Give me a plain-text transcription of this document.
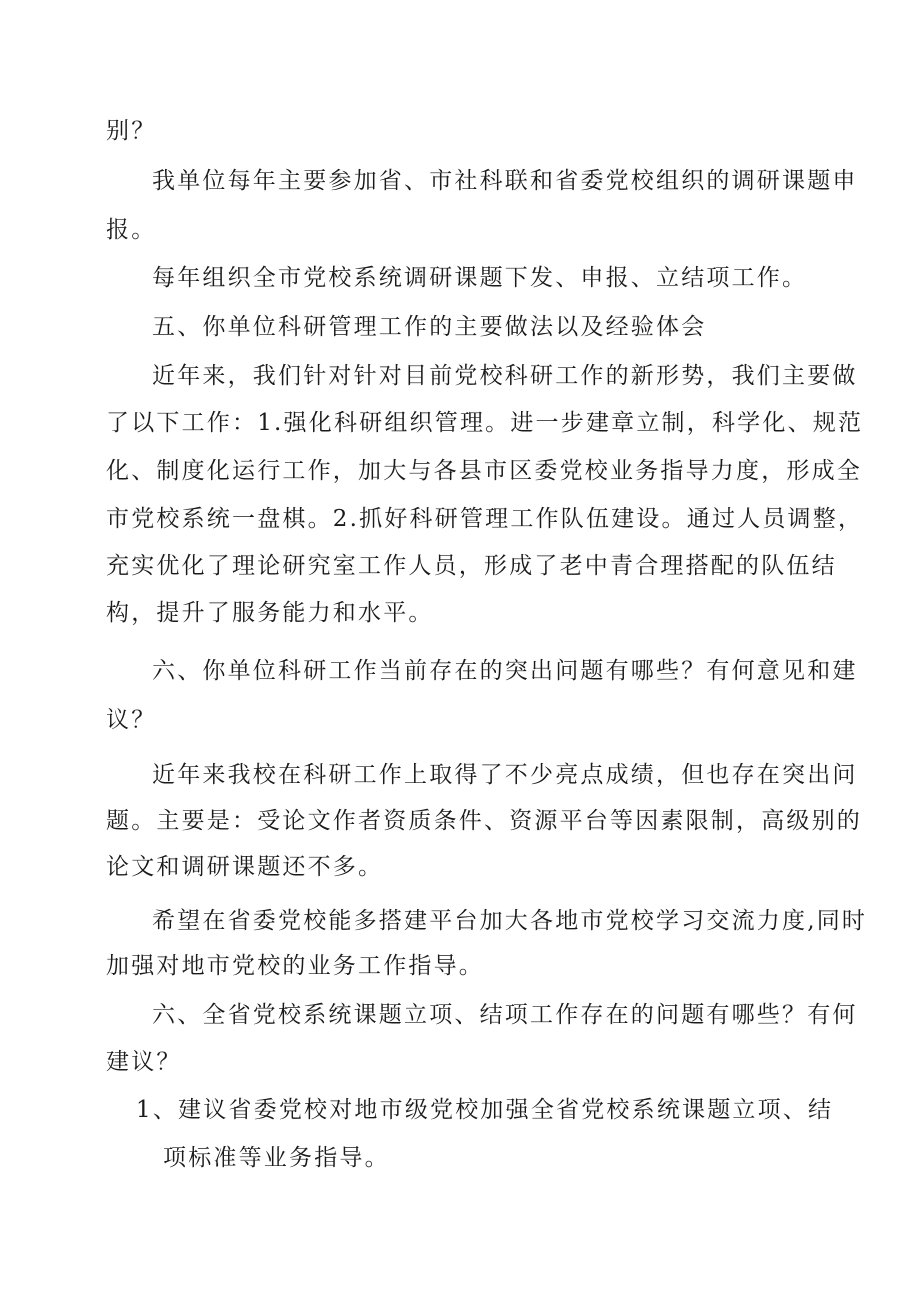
别？

我单位每年主要参加省、市社科联和省委党校组织的调研课题申

报。

每年组织全市党校系统调研课题下发、申报、立结项工作。

五、你单位科研管理工作的主要做法以及经验体会

近年来，我们针对针对目前党校科研工作的新形势，我们主要做

了以下工作：1.强化科研组织管理。进一步建章立制，科学化、规范

化、制度化运行工作，加大与各县市区委党校业务指导力度，形成全

市党校系统一盘棋。2.抓好科研管理工作队伍建设。通过人员调整，

充实优化了理论研究室工作人员，形成了老中青合理搭配的队伍结

构，提升了服务能力和水平。

六、你单位科研工作当前存在的突出问题有哪些？有何意见和建

议？

近年来我校在科研工作上取得了不少亮点成绩，但也存在突出问

题。主要是：受论文作者资质条件、资源平台等因素限制，高级别的

论文和调研课题还不多。

希望在省委党校能多搭建平台加大各地市党校学习交流力度,同时

加强对地市党校的业务工作指导。

六、全省党校系统课题立项、结项工作存在的问题有哪些？有何

建议？

1、建议省委党校对地市级党校加强全省党校系统课题立项、结

项标准等业务指导。
